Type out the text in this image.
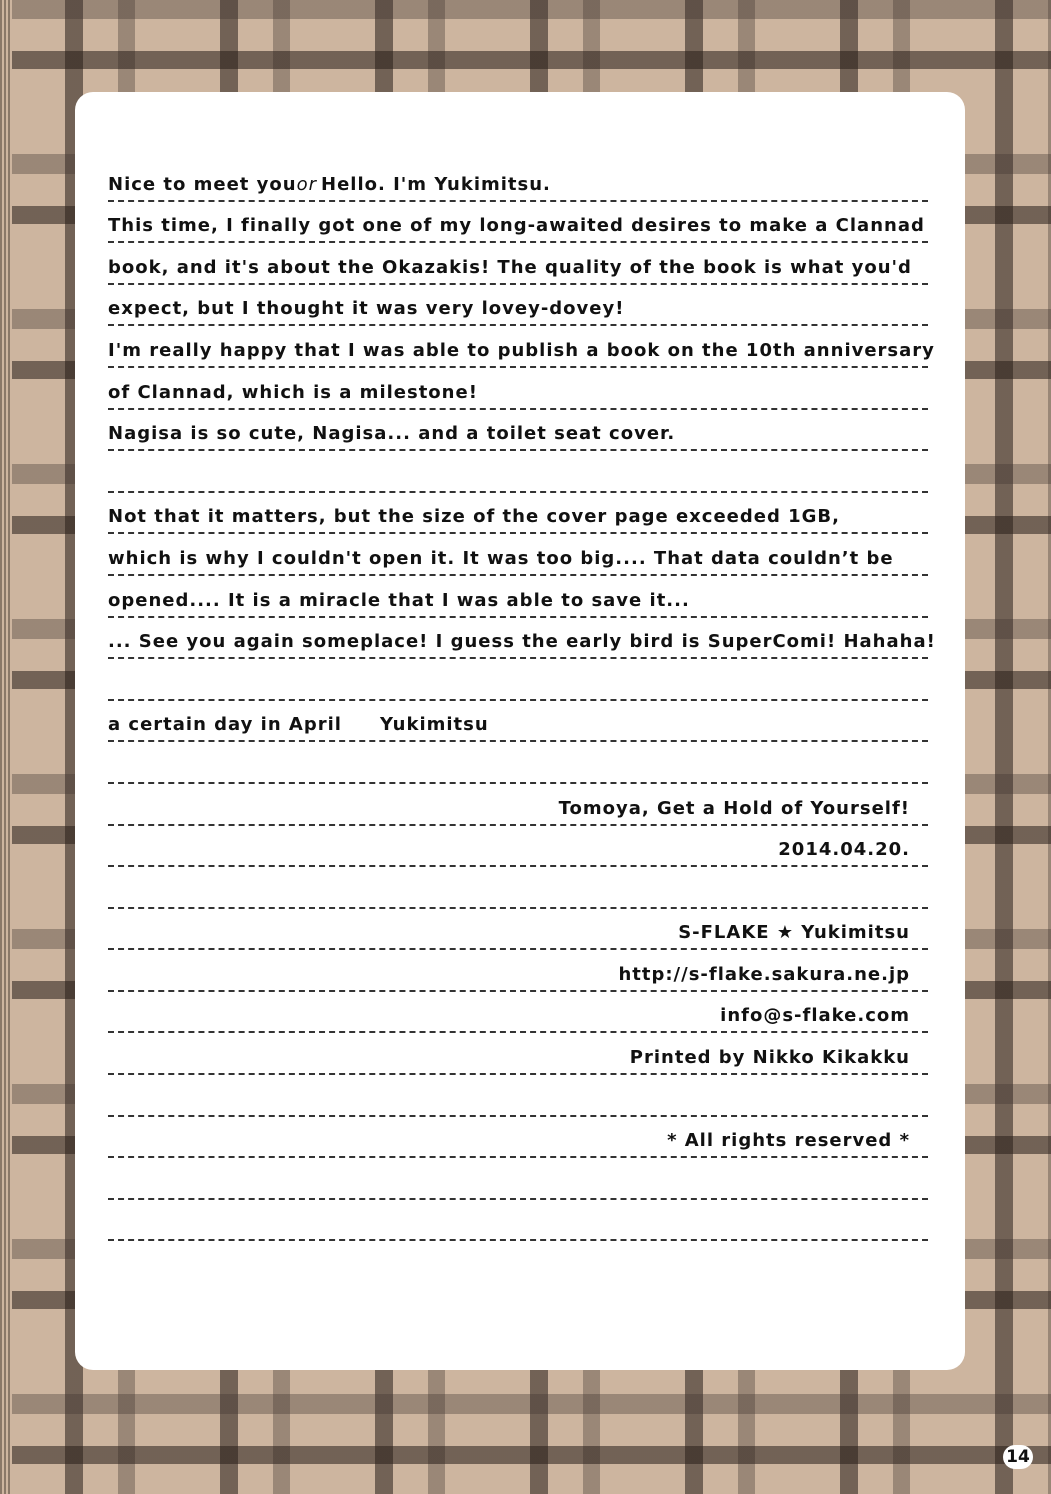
Nice to meet you or Hello. I'm Yukimitsu.
This time, I finally got one of my long-awaited desires to make a Clannad
book, and it's about the Okazakis! The quality of the book is what you'd
expect, but I thought it was very lovey-dovey!
I'm really happy that I was able to publish a book on the 10th anniversary
of Clannad, which is a milestone!
Nagisa is so cute, Nagisa... and a toilet seat cover.
Not that it matters, but the size of the cover page exceeded 1GB,
which is why I couldn't open it. It was too big.... That data couldn’t be
opened.... It is a miracle that I was able to save it...
... See you again someplace! I guess the early bird is SuperComi! Hahaha!
a certain day in April Yukimitsu
Tomoya, Get a Hold of Yourself!
2014.04.20.
S-FLAKE ★ Yukimitsu
http://s-flake.sakura.ne.jp
info@s-flake.com
Printed by Nikko Kikakku
* All rights reserved *
14
